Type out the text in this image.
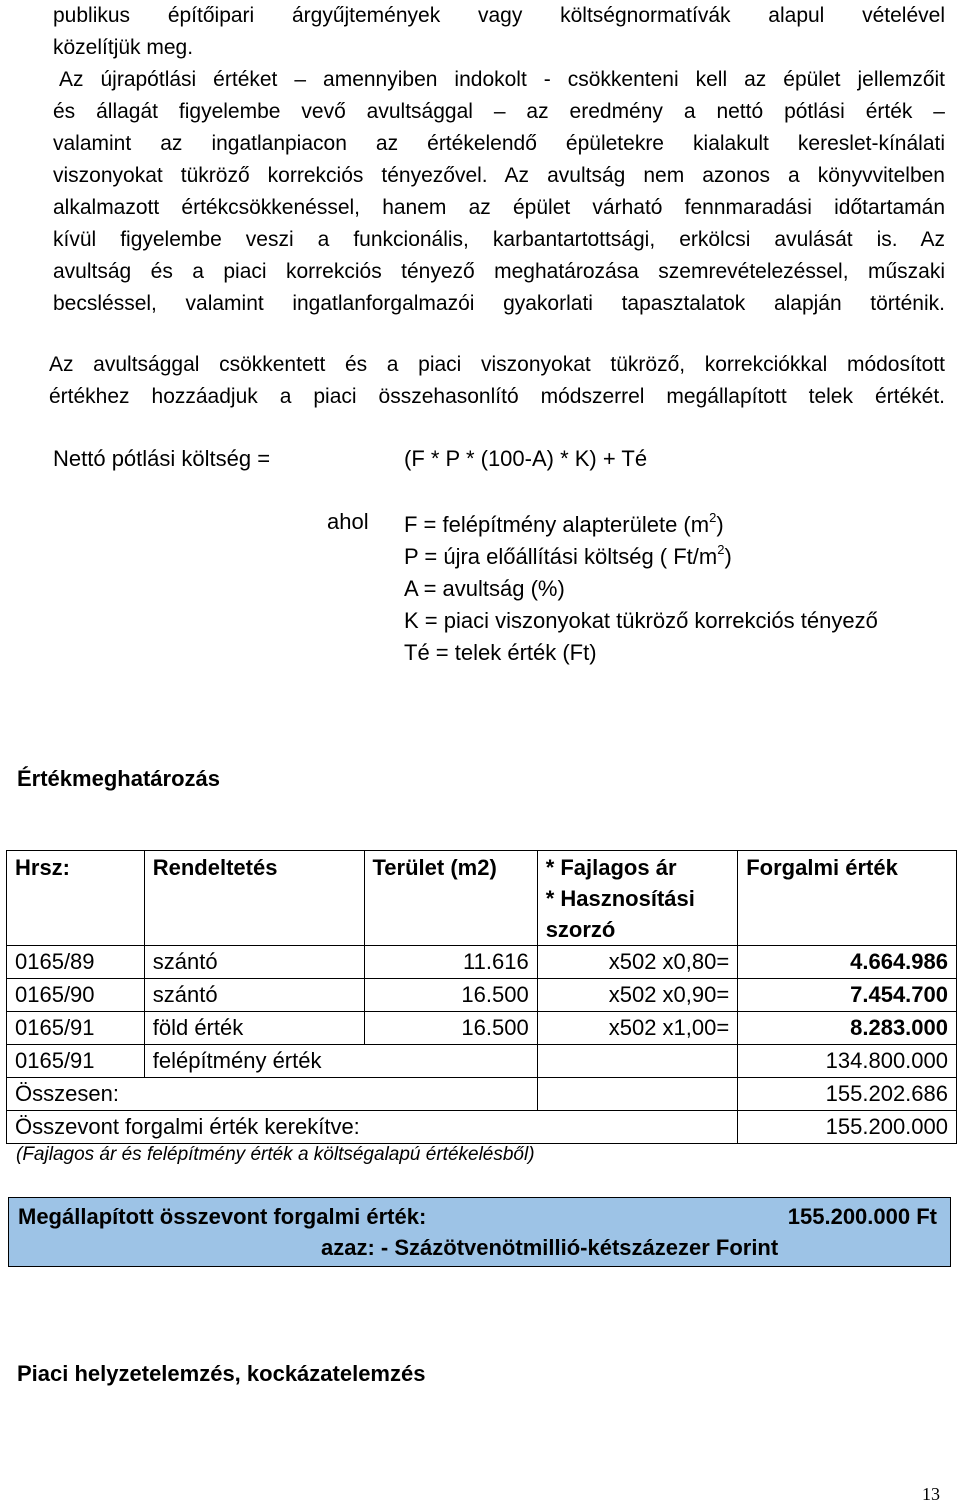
publikus építőipari árgyűjtemények vagy költségnormatívák alapul vételével
közelítjük meg.
Az újrapótlási értéket – amennyiben indokolt - csökkenteni kell az épület jellemzőit
és állagát figyelembe vevő avultsággal – az eredmény a nettó pótlási érték –
valamint az ingatlanpiacon az értékelendő épületekre kialakult kereslet-kínálati
viszonyokat tükröző korrekciós tényezővel. Az avultság nem azonos a könyvvitelben
alkalmazott értékcsökkenéssel, hanem az épület várható fennmaradási időtartamán
kívül figyelembe veszi a funkcionális, karbantartottsági, erkölcsi avulását is. Az
avultság és a piaci korrekciós tényező meghatározása szemrevételezéssel, műszaki
becsléssel, valamint ingatlanforgalmazói gyakorlati tapasztalatok alapján történik.
Az avultsággal csökkentett és a piaci viszonyokat tükröző, korrekciókkal módosított
értékhez hozzáadjuk a piaci összehasonlító módszerrel megállapított telek értékét.
Nettó pótlási költség =	(F * P * (100-A) * K) + Té
ahol F = felépítmény alapterülete $(m^2)$
P = újra előállítási költség ( $Ft/m^2$)
A = avultság (%)
K = piaci viszonyokat tükröző korrekciós tényező
Té = telek érték (Ft)
Értékmeghatározás
Hrsz:	Rendeltetés	Terület (m2)	* Fajlagos ár
* Hasznosítási
szorzó	Forgalmi érték
0165/89	szántó	11.616	x502 x0,80=	4.664.986
0165/90	szántó	16.500	x502 x0,90=	7.454.700
0165/91	föld érték	16.500	x502 x1,00=	8.283.000
0165/91	felépítmény érték			134.800.000
Összesen:				155.202.686
Összevont forgalmi érték kerekítve:				155.200.000
(Fajlagos ár és felépítmény érték a költségalapú értékelésből)
Megállapított összevont forgalmi érték:	155.200.000 Ft
azaz: - Százötvenötmillió-kétszázezer Forint
Piaci helyzetelemzés, kockázatelemzés
13
